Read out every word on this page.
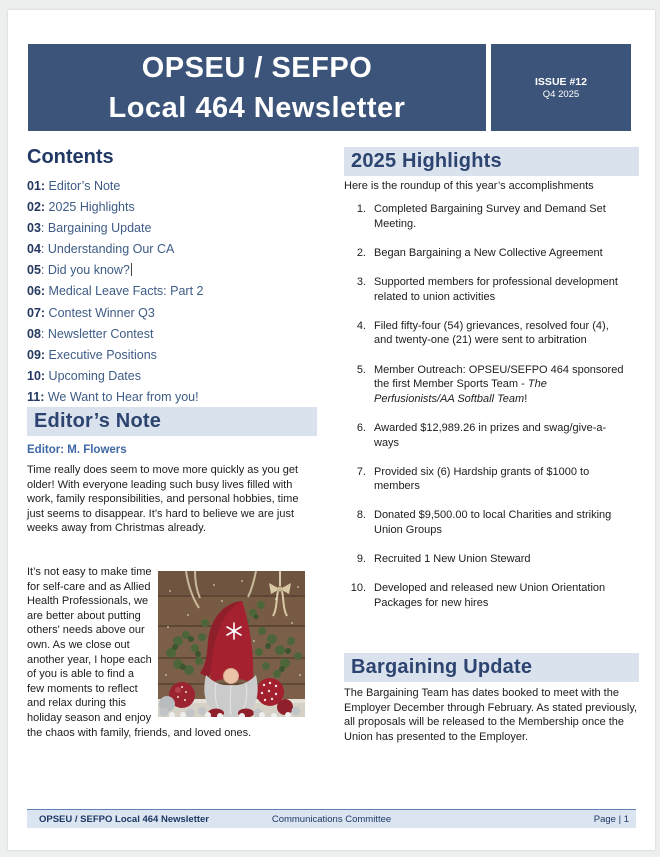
OPSEU / SEFPO
Local 464 Newsletter
ISSUE #12
Q4 2025
Contents
01: Editor’s Note
02: 2025 Highlights
03: Bargaining Update
04: Understanding Our CA
05: Did you know?
06: Medical Leave Facts: Part 2
07: Contest Winner Q3
08: Newsletter Contest
09: Executive Positions
10: Upcoming Dates
11: We Want to Hear from you!
Editor’s Note
Editor: M. Flowers
Time really does seem to move more quickly as you get older! With everyone leading such busy lives filled with work, family responsibilities, and personal hobbies, time just seems to disappear. It’s hard to believe we are just weeks away from Christmas already.
It’s not easy to make time for self-care and as Allied Health Professionals, we are better about putting others' needs above our own. As we close out another year, I hope each of you is able to find a few moments to reflect and relax during this holiday season and enjoy the chaos with family, friends, and loved ones.
2025 Highlights
Here is the roundup of this year’s accomplishments
1. Completed Bargaining Survey and Demand Set Meeting.
2. Began Bargaining a New Collective Agreement
3. Supported members for professional development related to union activities
4. Filed fifty-four (54) grievances, resolved four (4), and twenty-one (21) were sent to arbitration
5. Member Outreach: OPSEU/SEFPO 464 sponsored the first Member Sports Team - The Perfusionists/AA Softball Team!
6. Awarded $12,989.26 in prizes and swag/give-a-ways
7. Provided six (6) Hardship grants of $1000 to members
8. Donated $9,500.00 to local Charities and striking Union Groups
9. Recruited 1 New Union Steward
10. Developed and released new Union Orientation Packages for new hires
Bargaining Update
The Bargaining Team has dates booked to meet with the Employer December through February. As stated previously, all proposals will be released to the Membership once the Union has presented to the Employer.
Communications Committee
OPSEU / SEFPO Local 464 Newsletter	Page | 1
